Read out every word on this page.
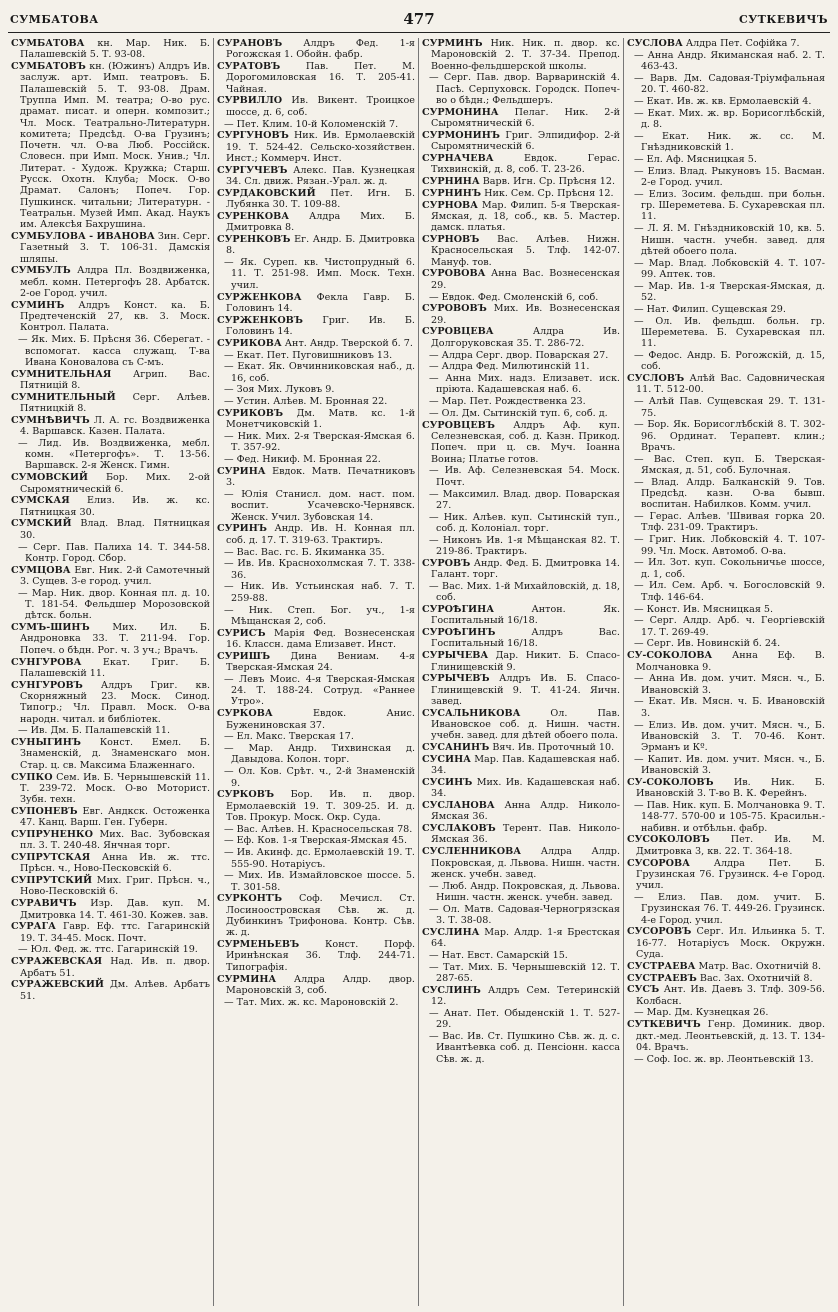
СУМБАТОВА	477	СУТКЕВИЧЪ
СУМБАТОВА кн. Мар. Ник. Б. Палашевскій 5. Т. 93-08.
СУМБАТОВЪ кн. (Южинъ) Алдръ Ив. заслуж. арт. Имп. театровъ. Б. Палашевскій 5. Т. 93-08. Драм. Труппа Имп. М. театра; О-во рус. драмат. писат. и оперн. композит.; Чл. Моск. Театрально-Литературн. комитета; Предсѣд. О-ва Грузинъ; Почетн. чл. О-ва Люб. Россійск. Словесн. при Имп. Моск. Унив.; Чл. Литерат. - Худож. Кружка; Старш. Русск. Охотн. Клуба; Моск. О-во Драмат. Салонъ; Попеч. Гор. Пушкинск. читальни; Литературн. - Театральн. Музей Имп. Акад. Наукъ им. Алексѣя Бахрушина.
СУМБУЛОВА - ИВАНОВА Зин. Серг. Газетный 3. Т. 106-31. Дамскія шляпы.
СУМБУЛЪ Алдра Пл. Воздвиженка, мебл. комн. Петергофъ 28. Арбатск. 2-ое Город. учил.
СУМИНЪ Алдръ Конст. ка. Б. Предтеченскій 27, кв. 3. Моск. Контрол. Палата.
— Як. Мих. Б. Прѣсня 36. Сберегат. - вспомогат. касса служащ. Т-ва Ивана Коновалова съ С-мъ.
СУМНИТЕЛЬНАЯ Агрип. Вас. Пятницій 8.
СУМНИТЕЛЬНЫЙ Серг. Алѣев. Пятницкій 8.
СУМНѢВИЧЪ Л. А. гс. Воздвиженка 4. Варшавск. Казен. Палата.
— Лид. Ив. Воздвиженка, мебл. комн. «Петергофъ». Т. 13-56. Варшавск. 2-я Женск. Гимн.
СУМОВСКИЙ Бор. Мих. 2-ой Сыромятническій 6.
СУМСКАЯ Елиз. Ив. ж. кс. Пятницкая 30.
СУМСКИЙ Влад. Влад. Пятницкая 30.
— Серг. Пав. Палиха 14. Т. 344-58. Контр. Город. Сбор.
СУМЦОВА Евг. Ник. 2-й Самотечный 3. Сущев. 3-е город. учил.
— Мар. Ник. двор. Конная пл. д. 10. Т. 181-54. Фельдшер Морозовской дѣтск. больн.
СУМЪ-ШИНЪ Мих. Ил. Б. Андроновка 33. Т. 211-94. Гор. Попеч. о бѣдн. Рог. ч. 3 уч.; Врачъ.
СУНГУРОВА Екат. Григ. Б. Палашевскій 11.
СУНГУРОВЪ Алдръ Григ. кв. Скорняжный 23. Моск. Синод. Типогр.; Чл. Правл. Моск. О-ва народн. читал. и библіотек.
— Ив. Дм. Б. Палашевскій 11.
СУНЫГИНЪ Конст. Емел. Б. Знаменскій, д. Знаменскаго мон. Стар. ц. св. Максима Блаженнаго.
СУПКО Сем. Ив. Б. Чернышевскій 11. Т. 239-72. Моск. О-во Моторист. Зубн. техн.
СУПОНЕВЪ Евг. Андкск. Остоженка 47. Канц. Варш. Ген. Губерн.
СУПРУНЕНКО Мих. Вас. Зубовская пл. 3. Т. 240-48. Янчная торг.
СУПРУТСКАЯ Анна Ив. ж. ттс. Прѣсн. ч., Ново-Песковскій 6.
СУПРУТСКИЙ Мих. Григ. Прѣсн. ч., Ново-Песковскій 6.
СУРАВИЧЪ Изр. Дав. куп. М. Дмитровка 14. Т. 461-30. Кожев. зав.
СУРАГА Гавр. Еф. ттс. Гагаринскій 19. Т. 34-45. Моск. Почт.
— Юл. Фед. ж. ттс. Гагаринскій 19.
СУРАЖЕВСКАЯ Над. Ив. п. двор. Арбатъ 51.
СУРАЖЕВСКИЙ Дм. Алѣев. Арбатъ 51.
СУРАНОВЪ Алдръ Фед. 1-я Рогожская 1. Обойн. фабр.
СУРАТОВЪ	Пав. Пет. М. Дорогомиловская 16. Т. 205-41. Чайная.
СУРВИЛЛО Ив. Викент. Троицкое шоссе, д. 6, соб.
— Пет. Клим. 10-й Коломенскій 7.
СУРГУНОВЪ Ник. Ив. Ермолаевскій 19. Т. 524-42. Сельско-хозяйствен. Инст.; Коммерч. Инст.
СУРГУЧЕВЪ Алекс. Пав. Кузнецкая 34. Сл. движ. Рязан.-Урал. ж. д.
СУРДАКОВСКИЙ Пет. Игн. Б. Лубянка 30. Т. 109-88.
СУРЕНКОВА Алдра Мих. Б. Дмитровка 8.
СУРЕНКОВЪ Ег. Андр. Б. Дмитровка 8.
— Як. Суреп. кв. Чистопрудный 6. 11. Т. 251-98. Имп. Моск. Техн. учил.
СУРЖЕНКОВА Фекла Гавр. Б. Головинъ 14.
СУРЖЕНКОВЪ Григ. Ив. Б. Головинъ 14.
СУРИКОВА Ант. Андр. Тверской б. 7.
— Екат. Пет. Пуговишниковъ 13.
— Екат. Як. Овчинниковская наб., д. 16, соб.
— Зоя Мих. Луковъ 9.
— Устин. Алѣев. М. Бронная 22.
СУРИКОВЪ Дм. Матв. кс. 1-й Монетчиковскій 1.
— Ник. Мих. 2-я Тверская-Ямская 6. Т. 357-92.
— Фед. Никиф. М. Бронная 22.
СУРИНА Евдок. Матв. Печатниковъ 3.
— Юлія Станисл. дом. наст. пом. воспит. Усачевско-Чернявск. Женск. Учил. Зубовская 14.
СУРИНЪ Андр. Ив. Н. Конная пл. соб. д. 17. Т. 319-63. Трактиръ.
— Вас. Вас. гс. Б. Якиманка 35.
— Ив. Ив. Краснохолмская 7. Т. 338-36.
— Ник. Ив. Устьинская наб. 7. Т. 259-88.
— Ник. Степ. Бог. уч., 1-я Мѣщанская 2, соб.
СУРИСЪ Марія Фед. Вознесенская 16. Классн. дама Елизавет. Инст.
СУРИШЪ Дина Вениам. 4-я Тверская-Ямская 24.
— Левъ Моис. 4-я Тверская-Ямская 24. Т. 188-24. Сотруд. «Раннее Утро».
СУРКОВА	Евдок. Анис. Бужениновская 37.
— Ел. Макс. Тверская 17.
— Мар. Андр. Тихвинская д. Давыдова. Колон. торг.
— Ол. Ков. Срѣт. ч., 2-й Знаменскій 9.
СУРКОВЪ Бор. Ив. п. двор. Ермолаевскій 19. Т. 309-25. И. д. Тов. Прокур. Моск. Окр. Суда.
— Вас. Алѣев. Н. Красносельская 78.
— Еф. Ков. 1-я Тверская-Ямская 45.
— Ив. Акинф. дс. Ермолаевскій 19. Т. 555-90. Нотаріусъ.
— Мих. Ив. Измайловское шоссе. 5. Т. 301-58.
СУРКОНТЪ Соф. Мечисл. Ст. Лосиноостровская Сѣв. ж. д. Дубинкинъ Трифонова. Контр. Сѣв. ж. д.
СУРМЕНЬЕВЪ	Конст. Порф. Иринѣнская 36. Тлф. 244-71. Типографія.
СУРМИНА Алдра Алдр. двор. Мароновскій 3, соб.
— Тат. Мих. ж. кс. Мароновскій 2.
СУРМИНЪ Ник. Ник. п. двор. кс. Мароновскій 2. Т. 37-34. Препод. Военно-фельдшерской школы.
— Серг. Пав. двор. Варваринскій 4. Пасѣ. Серпуховск. Городск. Попеч-во о бѣдн.; Фельдшеръ.
СУРМОНИНА Пелаг. Ник. 2-й Сыромятническій 6.
СУРМОНИНЪ Григ. Элпидифор. 2-й Сыромятническій 6.
СУРНАЧЕВА	Евдок. Герас. Тихвинскій, д. 8, соб. Т. 23-26.
СУРНИНА Варв. Игн. Ср. Прѣсня 12.
СУРНИНЪ Ник. Сем. Ср. Прѣсня 12.
СУРНОВА Мар. Филип. 5-я Тверская-Ямская, д. 18, соб., кв. 5. Мастер. дамск. платья.
СУРНОВЪ Вас. Алѣев. Нижн. Красносельская 5. Тлф. 142-07. Мануф. тов.
СУРОВОВА Анна Вас. Вознесенская 29.
— Евдок. Фед. Смоленскій 6, соб.
СУРОВОВЪ Мих. Ив. Вознесенская 29.
СУРОВЦЕВА	Алдра Ив. Долгоруковская 35. Т. 286-72.
— Алдра Серг. двор. Поварская 27.
— Алдра Фед. Милютинскій 11.
— Анна Мих. надз. Елизавет. иск. пріюта. Кадашевская наб. 6.
— Мар. Пет. Рождественка 23.
— Ол. Дм. Сытинскій туп. 6, соб. д.
СУРОВЦЕВЪ Алдръ Аф. куп. Селезневская, соб. д. Казн. Прикод. Попеч. при ц. св. Муч. Іоанна Воина; Платье готов.
— Ив. Аф. Селезневская 54. Моск. Почт.
— Максимил. Влад. двор. Поварская 27.
— Ник. Алѣев. куп. Сытинскій туп., соб. д. Колоніал. торг.
— Никонъ Ив. 1-я Мѣщанская 82. Т. 219-86. Трактиръ.
СУРОВЪ Андр. Фед. Б. Дмитровка 14. Галант. торг.
— Вас. Мих. 1-й Михайловскій, д. 18, соб.
СУРОѢГИНА	Антон. Як. Госпитальный 16/18.
СУРОѢГИНЪ	Алдръ Вас. Госпитальный 16/18.
СУРЫЧЕВА Дар. Никит. Б. Спасо-Глинищевскій 9.
СУРЫЧЕВЪ Алдръ Ив. Б. Спасо-Глинищевскій 9. Т. 41-24. Яичн. завед.
СУСАЛЬНИКОВА	Ол. Пав. Ивановское соб. д. Нишн. частн. учебн. завед. для дѣтей обоего пола.
СУСАНИНЪ Вяч. Ив. Проточный 10.
СУСИНА Мар. Пав. Кадашевская наб. 34.
СУСИНЪ Мих. Ив. Кадашевская наб. 34.
СУСЛАНОВА Анна Алдр. Николо-Ямская 36.
СУСЛАКОВЪ Терент. Пав. Николо-Ямская 36.
СУСЛЕННИКОВА Алдра Алдр. Покровская, д. Львова. Нишн. частн. женск. учебн. завед.
— Люб. Андр. Покровская, д. Львова. Нишн. частн. женск. учебн. завед.
— Ол. Матв. Садовая-Черногрязская 3. Т. 38-08.
СУСЛИНА Мар. Алдр. 1-я Брестская 64.
— Нат. Евст. Самарскій 15.
— Тат. Мих. Б. Чернышевскій 12. Т. 287-65.
СУСЛИНЪ Алдръ Сем. Тетеринскій 12.
— Анат. Пет. Обыденскій 1. Т. 527-29.
— Вас. Ив. Ст. Пушкино Сѣв. ж. д. с. Ивантѣевка соб. д. Пенсіонн. касса Сѣв. ж. д.
СУСЛОВА Алдра Пет. Софійка 7.
— Анна Андр. Якиманская наб. 2. Т. 463-43.
— Варв. Дм. Садовая-Тріумфальная 20. Т. 460-82.
— Екат. Ив. ж. кв. Ермолаевскій 4.
— Екат. Мих. ж. вр. Борисоглѣбскій, д. 8.
— Екат. Ник. ж. сс. М. Гнѣздниковскій 1.
— Ел. Аф. Мясницкая 5.
— Елиз. Влад. Рыкуновъ 15. Васман. 2-е Город. учил.
— Елиз. Зосим. фельдш. при больн. гр. Шереметева. Б. Сухаревская пл. 11.
— Л. Я. М. Гнѣздниковскій 10, кв. 5. Нишн. частн. учебн. завед. для дѣтей обоего пола.
— Мар. Влад. Лобковскій 4. Т. 107-99. Аптек. тов.
— Мар. Ив. 1-я Тверская-Ямская, д. 52.
— Нат. Филип. Сущевская 29.
— Ол. Ив. фельдш. больн. гр. Шереметева. Б. Сухаревская пл. 11.
— Федос. Андр. Б. Рогожскій, д. 15, соб.
СУСЛОВЪ Алѣй Вас. Садовническая 11. Т. 512-00.
— Алѣй Пав. Сущевская 29. Т. 131-75.
— Бор. Як. Борисоглѣбскій 8. Т. 302-96. Ординат. Терапевт. клин.; Врачъ.
— Вас. Степ. куп. Б. Тверская-Ямская, д. 51, соб. Булочная.
— Влад. Алдр. Балканскій 9. Тов. Предсѣд. казн. О-ва бывш. воспитан. Набилков. Комм. учил.
— Герас. Алѣев. 'Швивая горка 20. Тлф. 231-09. Трактиръ.
— Григ. Ник. Лобковскій 4. Т. 107-99. Чл. Моск. Автомоб. О-ва.
— Ил. Зот. куп. Сокольничье шоссе, д. 1, соб.
— Ил. Сем. Арб. ч. Богословскій 9. Тлф. 146-64.
— Конст. Ив. Мясницкая 5.
— Серг. Алдр. Арб. ч. Георгіевскій 17. Т. 269-49.
— Серг. Ив. Новинскій б. 24.
СУ-СОКОЛОВА Анна Еф. В. Молчановка 9.
— Анна Ив. дом. учит. Мясн. ч., Б. Ивановскій 3.
— Екат. Ив. Мясн. ч. Б. Ивановскій 3.
— Елиз. Ив. дом. учит. Мясн. ч., Б. Ивановскій 3. Т. 70-46. Конт. Эрманъ и Кº.
— Капит. Ив. дом. учит. Мясн. ч., Б. Ивановскій 3.
СУ-СОКОЛОВЪ Ив. Ник. Б. Ивановскій 3. Т-во В. К. Ферейнъ.
— Пав. Ник. куп. Б. Молчановка 9. Т. 148-77. 570-00 и 105-75. Красильн.-набивн. и отбѣльн. фабр.
СУСОКОЛОВЪ Пет. Ив. М. Дмитровка 3, кв. 22. Т. 364-18.
СУСОРОВА Алдра Пет. Б. Грузинская 76. Грузинск. 4-е Город. учил.
— Елиз. Пав. дом. учит. Б. Грузинская 76. Т. 449-26. Грузинск. 4-е Город. учил.
СУСОРОВЪ Серг. Ил. Ильинка 5. Т. 16-77. Нотаріусъ Моск. Окружн. Суда.
СУСТРАЕВА Матр. Вас. Охотничій 8.
СУСТРАЕВЪ Вас. Зах. Охотничій 8.
СУСЪ Ант. Ив. Даевъ 3. Тлф. 309-56. Колбасн.
— Мар. Дм. Кузнецкая 26.
СУТКЕВИЧЪ Генр. Доминик. двор. дкт.-мед. Леонтьевскій, д. 13. Т. 134-04. Врачъ.
— Соф. Іос. ж. вр. Леонтьевскій 13.
